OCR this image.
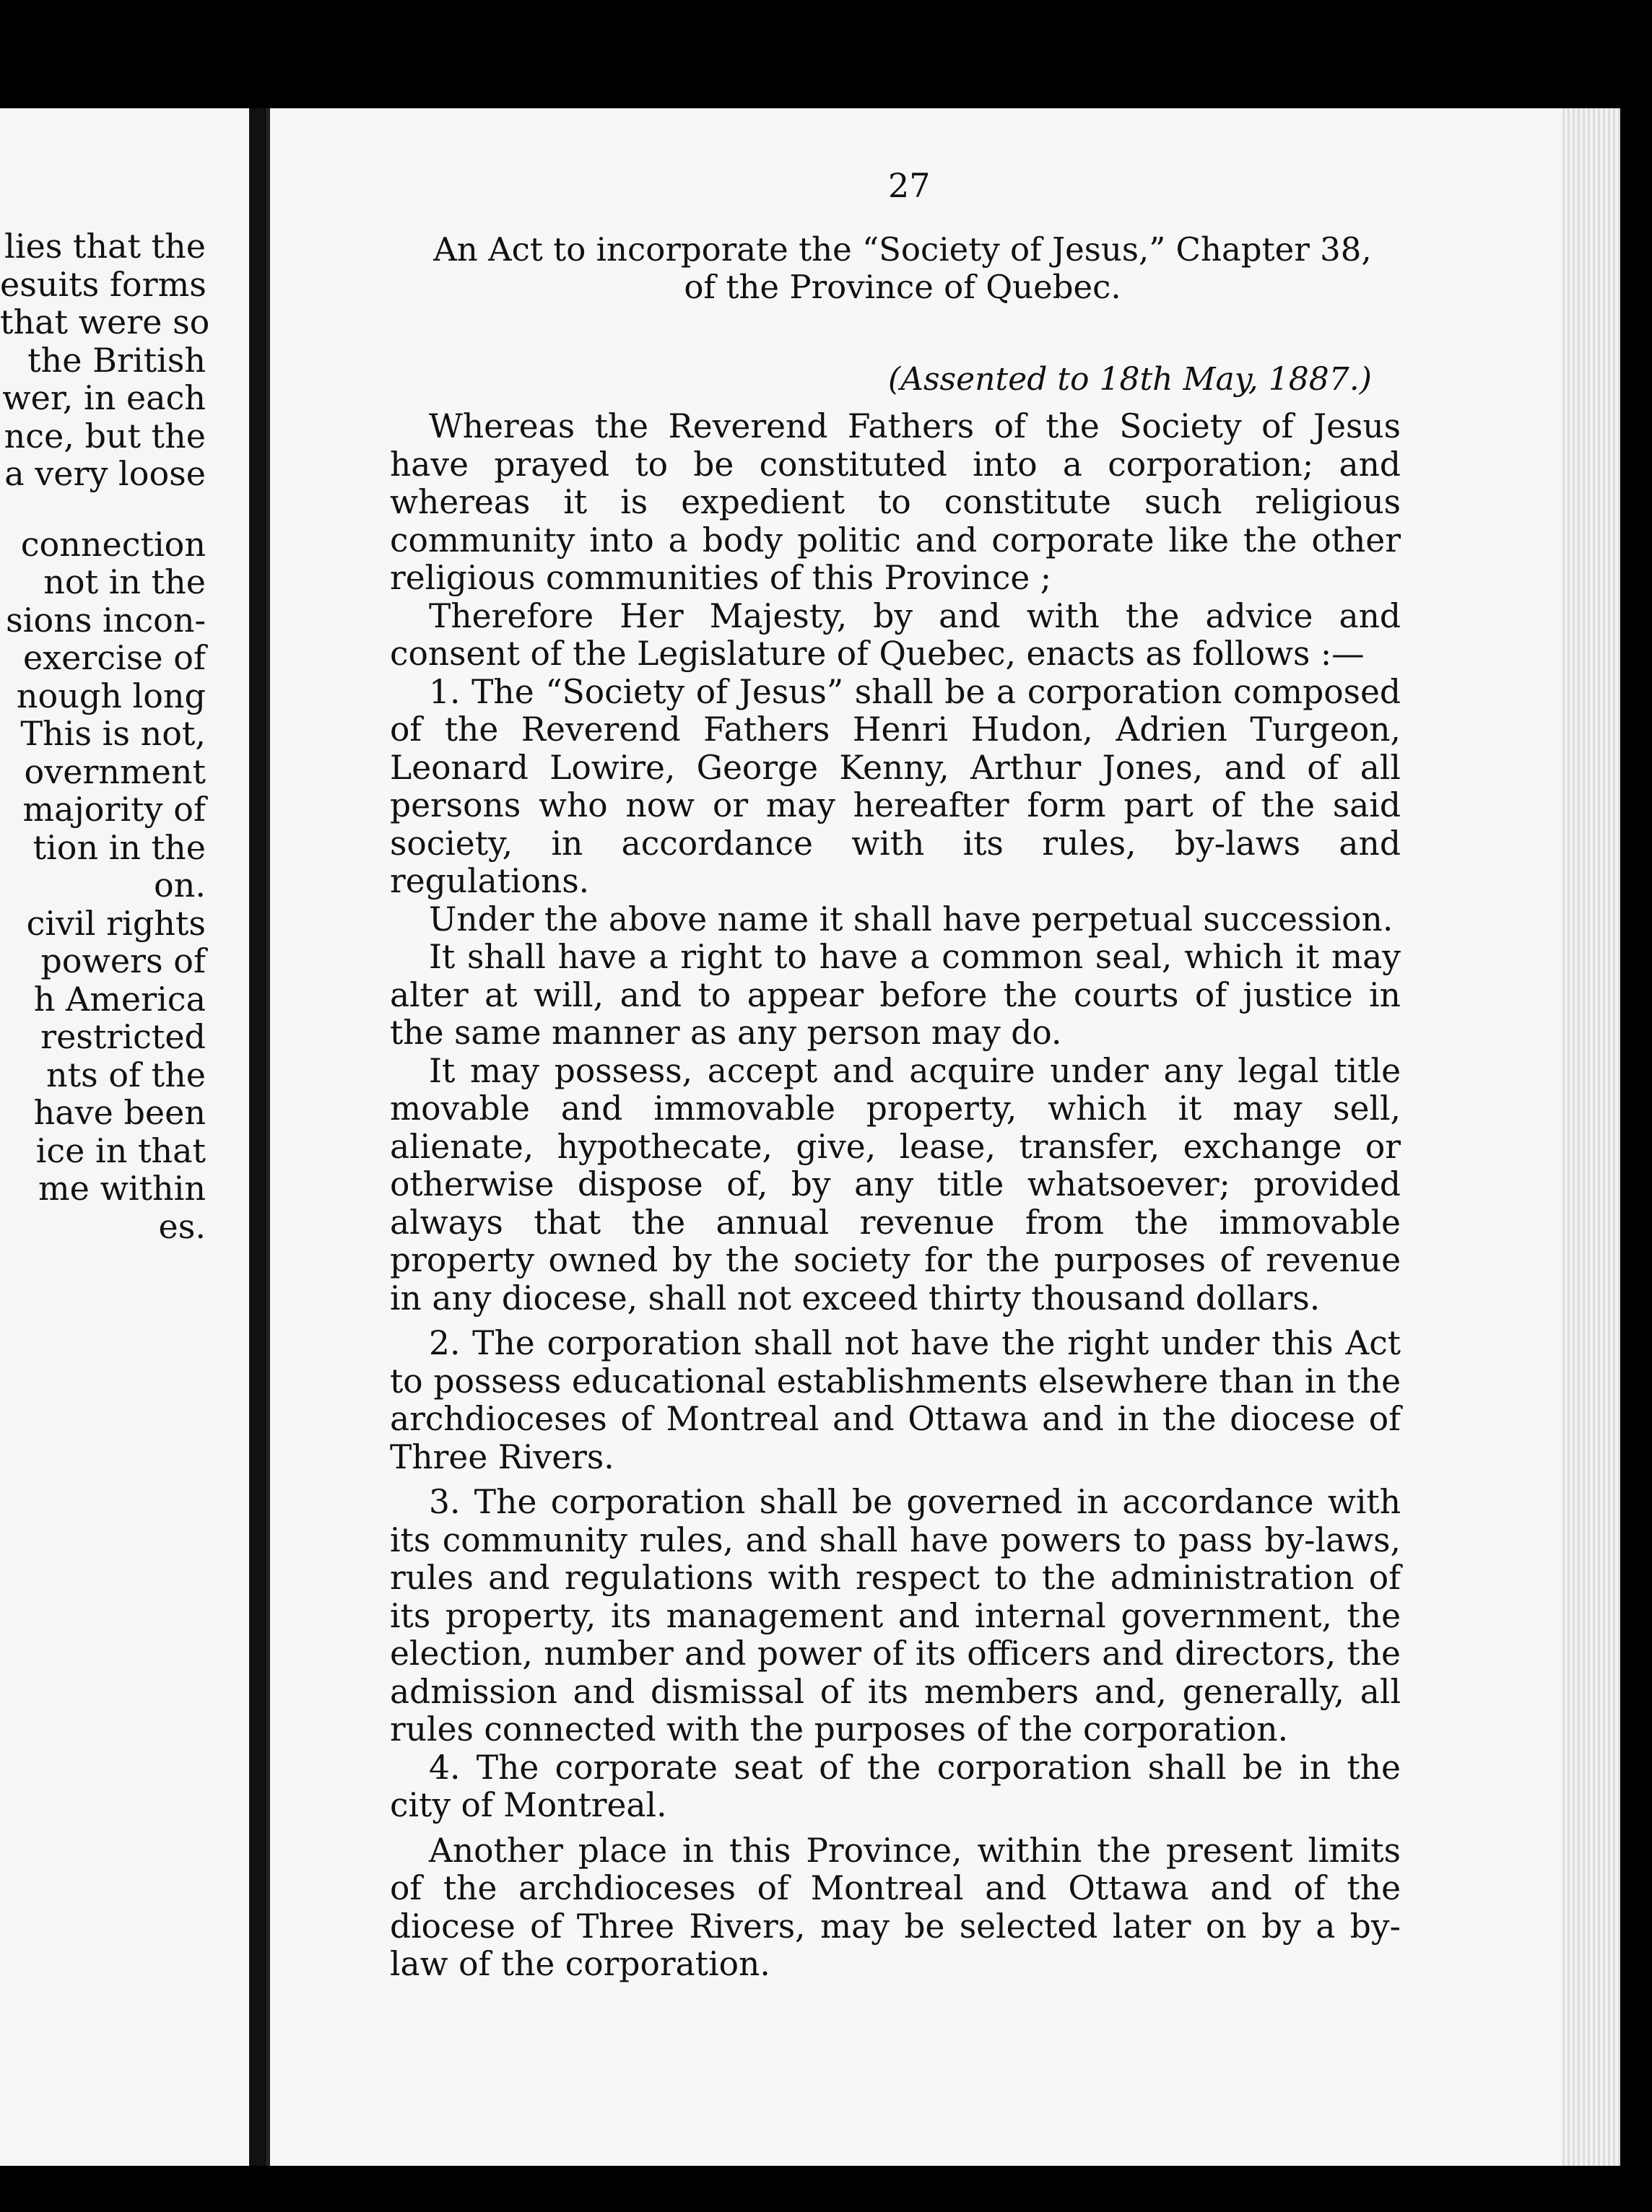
lies that the
esuits forms
that were so
the British
wer, in each
nce, but the
a very loose
connection
not in the
sions incon-
exercise of
nough long
This is not,
overnment
majority of
tion in the
on.
civil rights
powers of
h America
restricted
nts of the
have been
ice in that
me within
es.
27
An Act to incorporate the “Society of Jesus,” Chapter 38,
of the Province of Quebec.
(Assented to 18th May, 1887.)

Whereas the Reverend Fathers of the Society of Jesus have prayed to be constituted into a corporation; and whereas it is expedient to constitute such religious community into a body politic and corporate like the other religious communities of this Province ;

Therefore Her Majesty, by and with the advice and consent of the Legislature of Quebec, enacts as follows :—

1. The “Society of Jesus” shall be a corporation composed of the Reverend Fathers Henri Hudon, Adrien Turgeon, Leonard Lowire, George Kenny, Arthur Jones, and of all persons who now or may hereafter form part of the said society, in accordance with its rules, by-laws and regulations.

Under the above name it shall have perpetual succession.

It shall have a right to have a common seal, which it may alter at will, and to appear before the courts of justice in the same manner as any person may do.

It may possess, accept and acquire under any legal title movable and immovable property, which it may sell, alienate, hypothecate, give, lease, transfer, exchange or otherwise dispose of, by any title whatsoever; provided always that the annual revenue from the immovable property owned by the society for the purposes of revenue in any diocese, shall not exceed thirty thousand dollars.

2. The corporation shall not have the right under this Act to possess educational establishments elsewhere than in the archdioceses of Montreal and Ottawa and in the diocese of Three Rivers.

3. The corporation shall be governed in accordance with its community rules, and shall have powers to pass by-laws, rules and regulations with respect to the administration of its property, its management and internal government, the election, number and power of its officers and directors, the admission and dismissal of its members and, generally, all rules connected with the purposes of the corporation.

4. The corporate seat of the corporation shall be in the city of Montreal.

Another place in this Province, within the present limits of the archdioceses of Montreal and Ottawa and of the diocese of Three Rivers, may be selected later on by a by-law of the corporation.
